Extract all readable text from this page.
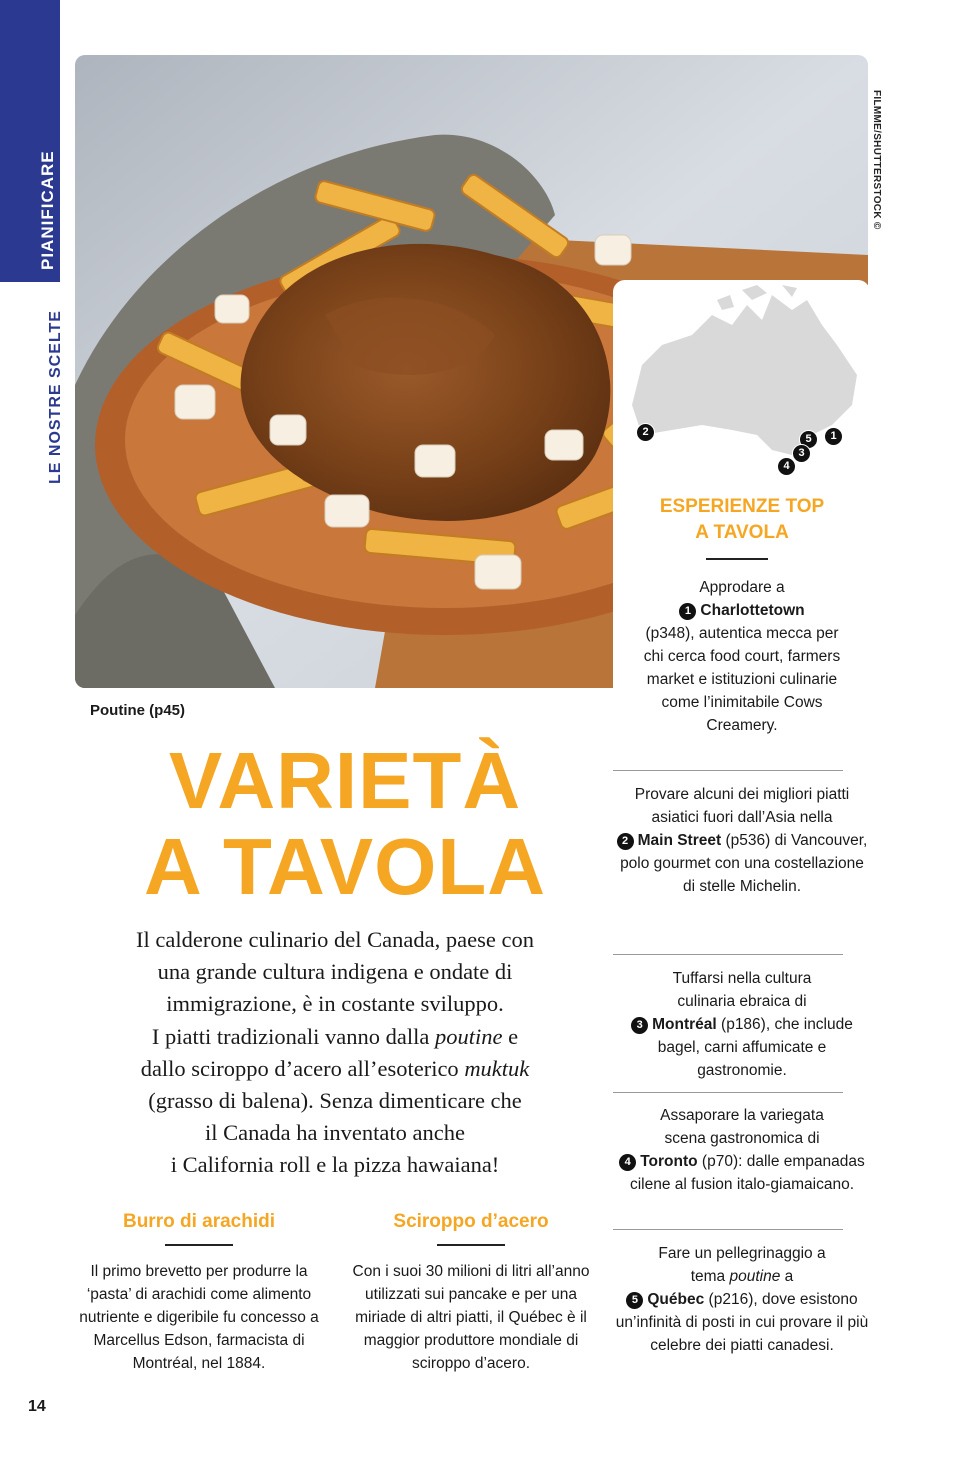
PIANIFICARE
LE NOSTRE SCELTE
FILMME/SHUTTERSTOCK ©
Poutine (p45)
VARIETÀ
A TAVOLA
Il calderone culinario del Canada, paese con
una grande cultura indigena e ondate di
immigrazione, è in costante sviluppo.
I piatti tradizionali vanno dalla poutine e
dallo sciroppo d’acero all’esoterico muktuk
(grasso di balena). Senza dimenticare che
il Canada ha inventato anche
i California roll e la pizza hawaiana!
Burro di arachidi

Il primo brevetto per produrre la ‘pasta’ di arachidi come alimento nutriente e digeribile fu concesso a Marcellus Edson, farmacista di Montréal, nel 1884.

Sciroppo d’acero

Con i suoi 30 milioni di litri all’anno utilizzati sui pancake e per una miriade di altri piatti, il Québec è il maggior produttore mondiale di sciroppo d’acero.

14
2	1
5
3
4
ESPERIENZE TOP
A TAVOLA
Approdare a
1 Charlottetown
(p348), autentica mecca per chi cerca food court, farmers market e istituzioni culinarie come l’inimitabile Cows Creamery.
Provare alcuni dei migliori piatti asiatici fuori dall’Asia nella
2 Main Street (p536) di Vancouver, polo gourmet con una costellazione di stelle Michelin.
Tuffarsi nella cultura culinaria ebraica di
3 Montréal (p186), che include bagel, carni affumicate e gastronomie.
Assaporare la variegata scena gastronomica di
4 Toronto (p70): dalle empanadas cilene al fusion italo-giamaicano.
Fare un pellegrinaggio a tema poutine a
5 Québec (p216), dove esistono un’infinità di posti in cui provare il più celebre dei piatti canadesi.
